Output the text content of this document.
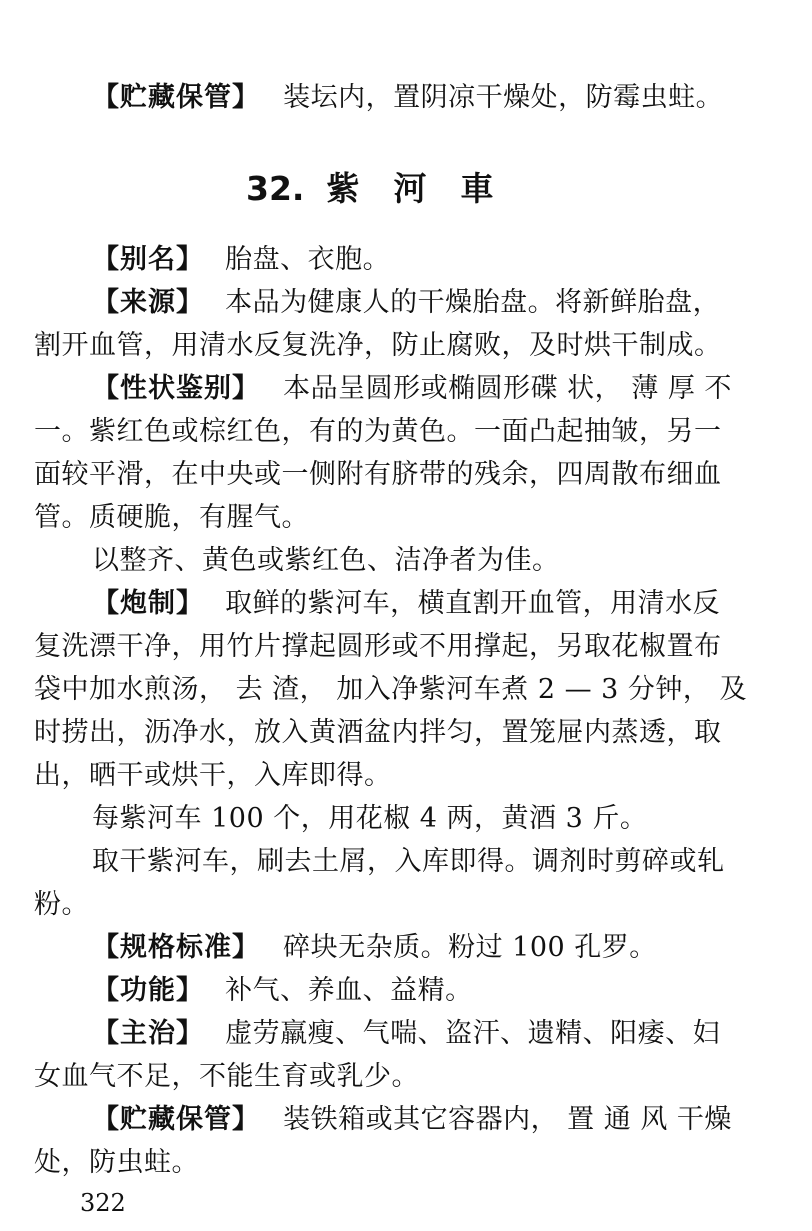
【贮藏保管】 装坛内，置阴凉干燥处，防霉虫蛀。
32. 紫 河 車
【别名】 胎盘、衣胞。
【来源】 本品为健康人的干燥胎盘。将新鲜胎盘，
割开血管，用清水反复洗净，防止腐败，及时烘干制成。
【性状鉴别】 本品呈圆形或椭圆形碟 状， 薄 厚 不
一。紫红色或棕红色，有的为黄色。一面凸起抽皱，另一
面较平滑，在中央或一侧附有脐带的残余，四周散布细血
管。质硬脆，有腥气。
以整齐、黄色或紫红色、洁净者为佳。
【炮制】 取鲜的紫河车，横直割开血管，用清水反
复洗漂干净，用竹片撑起圆形或不用撑起，另取花椒置布
袋中加水煎汤， 去 渣， 加入净紫河车煮 2 — 3 分钟， 及
时捞出，沥净水，放入黄酒盆内拌匀，置笼屉内蒸透，取
出，晒干或烘干，入库即得。
每紫河车 100 个，用花椒 4 两，黄酒 3 斤。
取干紫河车，刷去土屑，入库即得。调剂时剪碎或轧
粉。
【规格标准】 碎块无杂质。粉过 100 孔罗。
【功能】 补气、养血、益精。
【主治】 虚劳羸瘦、气喘、盗汗、遗精、阳痿、妇
女血气不足，不能生育或乳少。
【贮藏保管】 装铁箱或其它容器内， 置 通 风 干燥
处，防虫蛀。
322
